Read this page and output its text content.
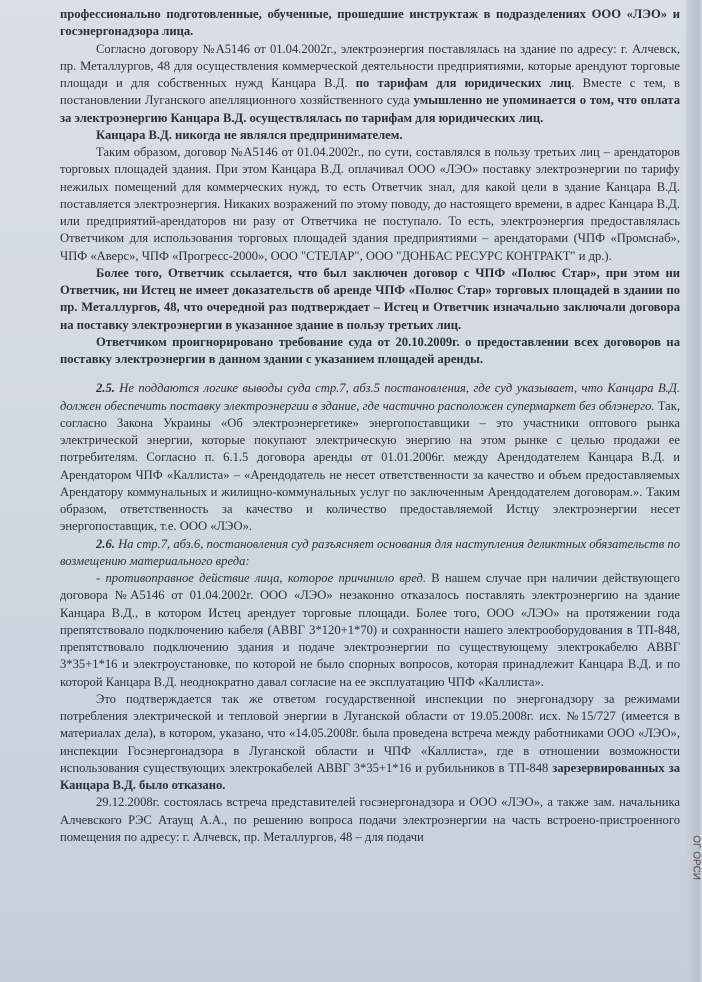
профессионально подготовленные, обученные, прошедшие инструктаж в подразделениях ООО «ЛЭО» и госэнергонадзора лица.

Согласно договору №А5146 от 01.04.2002г., электроэнергия поставлялась на здание по адресу: г. Алчевск, пр. Металлургов, 48 для осуществления коммерческой деятельности предприятиями, которые арендуют торговые площади и для собственных нужд Канцара В.Д. по тарифам для юридических лиц. Вместе с тем, в постановлении Луганского апелляционного хозяйственного суда умышленно не упоминается о том, что оплата за электроэнергию Канцара В.Д. осуществлялась по тарифам для юридических лиц.

Канцара В.Д. никогда не являлся предпринимателем.

Таким образом, договор №А5146 от 01.04.2002г., по сути, составлялся в пользу третьих лиц – арендаторов торговых площадей здания. При этом Канцара В.Д. оплачивал ООО «ЛЭО» поставку электроэнергии по тарифу нежилых помещений для коммерческих нужд, то есть Ответчик знал, для какой цели в здание Канцара В.Д. поставляется электроэнергия. Никаких возражений по этому поводу, до настоящего времени, в адрес Канцара В.Д. или предприятий-арендаторов ни разу от Ответчика не поступало. То есть, электроэнергия предоставлялась Ответчиком для использования торговых площадей здания предприятиями – арендаторами (ЧПФ «Промснаб», ЧПФ «Аверс», ЧПФ «Прогресс-2000», ООО "СТЕЛАР", ООО "ДОНБАС РЕСУРС КОНТРАКТ" и др.).

Более того, Ответчик ссылается, что был заключен договор с ЧПФ «Полюс Стар», при этом ни Ответчик, ни Истец не имеет доказательств об аренде ЧПФ «Полюс Стар» торговых площадей в здании по пр. Металлургов, 48, что очередной раз подтверждает – Истец и Ответчик изначально заключали договора на поставку электроэнергии в указанное здание в пользу третьих лиц.

Ответчиком проигнорировано требование суда от 20.10.2009г. о предоставлении всех договоров на поставку электроэнергии в данном здании с указанием площадей аренды.

2.5. Не поддаются логике выводы суда стр.7, абз.5 постановления, где суд указывает, что Канцара В.Д. должен обеспечить поставку электроэнергии в здание, где частично расположен супермаркет без облэнерго. Так, согласно Закона Украины «Об электроэнергетике» энергопоставщики – это участники оптового рынка электрической энергии, которые покупают электрическую энергию на этом рынке с целью продажи ее потребителям. Согласно п. 6.1.5 договора аренды от 01.01.2006г. между Арендодателем Канцара В.Д. и Арендатором ЧПФ «Каллиста» – «Арендодатель не несет ответственности за качество и объем предоставляемых Арендатору коммунальных и жилищно-коммунальных услуг по заключенным Арендодателем договорам.». Таким образом, ответственность за качество и количество предоставляемой Истцу электроэнергии несет энергопоставщик, т.е. ООО «ЛЭО».

2.6. На стр.7, абз.6, постановления суд разъясняет основания для наступления деликтных обязательств по возмещению материального вреда:

- противоправное действие лица, которое причинило вред. В нашем случае при наличии действующего договора №А5146 от 01.04.2002г. ООО «ЛЭО» незаконно отказалось поставлять электроэнергию на здание Канцара В.Д., в котором Истец арендует торговые площади. Более того, ООО «ЛЭО» на протяжении года препятствовало подключению кабеля (АВВГ 3*120+1*70) и сохранности нашего электрооборудования в ТП-848, препятствовало подключению здания и подаче электроэнергии по существующему электрокабелю АВВГ 3*35+1*16 и электроустановке, по которой не было спорных вопросов, которая принадлежит Канцара В.Д. и по которой Канцара В.Д. неоднократно давал согласие на ее эксплуатацию ЧПФ «Каллиста».

Это подтверждается так же ответом государственной инспекции по энергонадзору за режимами потребления электрической и тепловой энергии в Луганской области от 19.05.2008г. исх. №15/727 (имеется в материалах дела), в котором, указано, что «14.05.2008г. была проведена встреча между работниками ООО «ЛЭО», инспекции Госэнергонадзора в Луганской области и ЧПФ «Каллиста», где в отношении возможности использования существующих электрокабелей АВВГ 3*35+1*16 и рубильников в ТП-848 зарезервированных за Канцара В.Д. было отказано.

29.12.2008г. состоялась встреча представителей госэнергонадзора и ООО «ЛЭО», а также зам. начальника Алчевского РЭС Атаущ А.А., по решению вопроса подачи электроэнергии на часть встроено-пристроенного помещения по адресу: г. Алчевск, пр. Металлургов, 48 – для подачи	ОГ ОРСИ
